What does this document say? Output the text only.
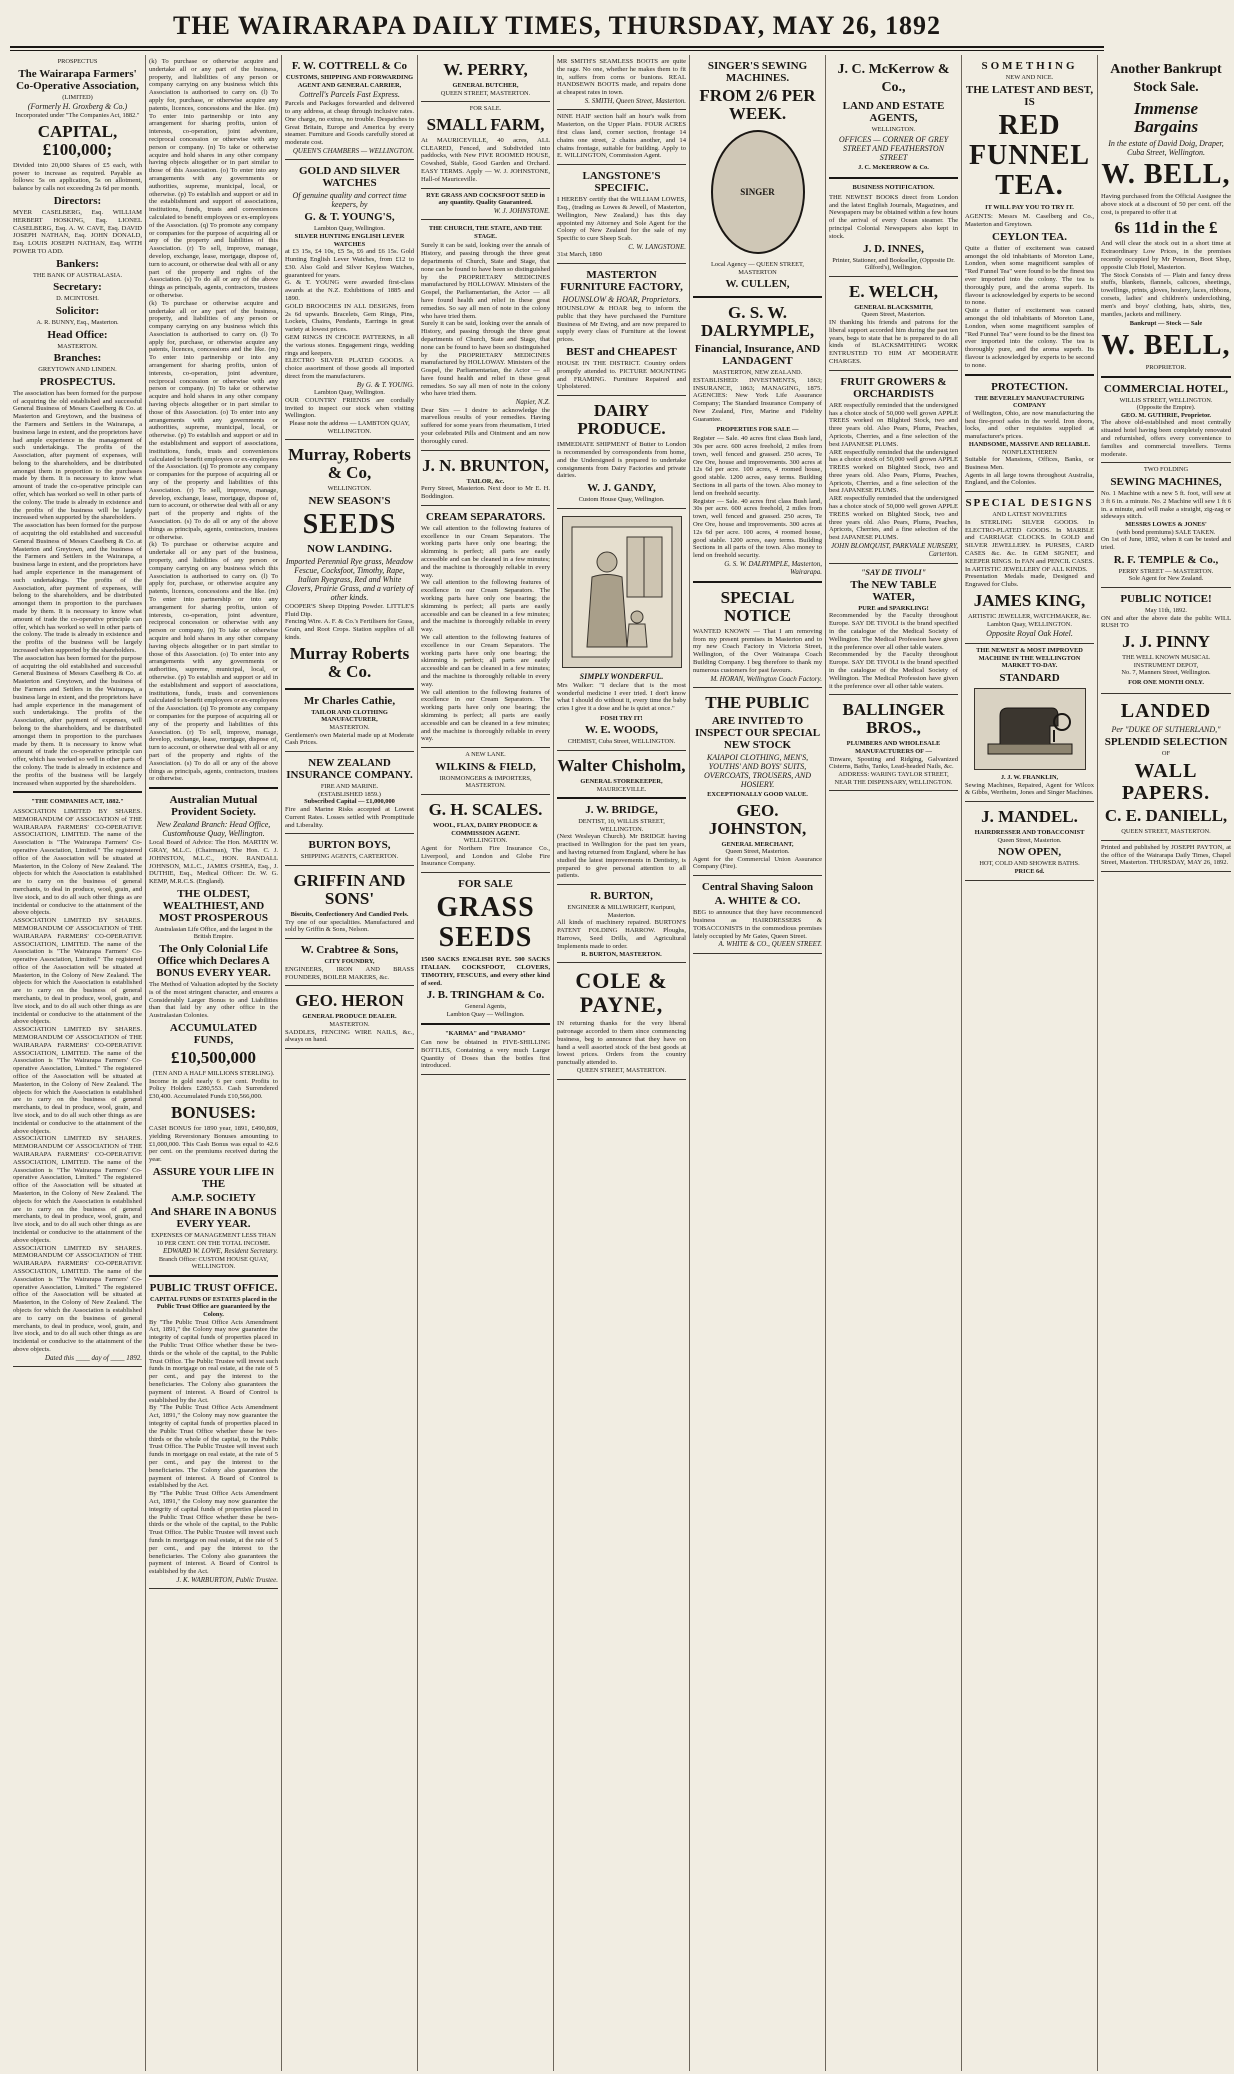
THE WAIRARAPA DAILY TIMES, THURSDAY, MAY 26, 1892
PROSPECTUS
The Wairarapa Farmers' Co-Operative Association,
(LIMITED)
(Formerly H. Groxberg & Co.)
Incorporated under "The Companies Act, 1882."
CAPITAL, £100,000;
Divided into 20,000 Shares of £5 each, with power to increase as required. Payable as follows: 5s on application, 5s on allotment, balance by calls not exceeding 2s 6d per month.
Directors:
MYER CASELBERG, Esq. WILLIAM HERBERT HOSKING, Esq. LIONEL CASELBERG, Esq. A. W. CAVE, Esq. DAVID JOSEPH NATHAN, Esq. JOHN DONALD, Esq. LOUIS JOSEPH NATHAN, Esq. WITH POWER TO ADD.
Bankers:
THE BANK OF AUSTRALASIA.
Secretary:
D. MCINTOSH.
Solicitor:
A. R. BUNNY, Esq., Masterton.
Head Office:
MASTERTON.
Branches:
GREYTOWN AND LINDEN.
PROSPECTUS.
The association has been formed for the purpose of acquiring the old established and successful General Business of Messrs Caselberg & Co. at Masterton and Greytown, and the business of the Farmers and Settlers in the Wairarapa, a business large in extent, and the proprietors have had ample experience in the management of such undertakings. The profits of the Association, after payment of expenses, will belong to the shareholders, and be distributed amongst them in proportion to the purchases made by them. It is necessary to know what amount of trade the co-operative principle can offer, which has worked so well in other parts of the colony. The trade is already in existence and the profits of the business will be largely increased when supported by the shareholders.
The association has been formed for the purpose of acquiring the old established and successful General Business of Messrs Caselberg & Co. at Masterton and Greytown, and the business of the Farmers and Settlers in the Wairarapa, a business large in extent, and the proprietors have had ample experience in the management of such undertakings. The profits of the Association, after payment of expenses, will belong to the shareholders, and be distributed amongst them in proportion to the purchases made by them. It is necessary to know what amount of trade the co-operative principle can offer, which has worked so well in other parts of the colony. The trade is already in existence and the profits of the business will be largely increased when supported by the shareholders.
The association has been formed for the purpose of acquiring the old established and successful General Business of Messrs Caselberg & Co. at Masterton and Greytown, and the business of the Farmers and Settlers in the Wairarapa, a business large in extent, and the proprietors have had ample experience in the management of such undertakings. The profits of the Association, after payment of expenses, will belong to the shareholders, and be distributed amongst them in proportion to the purchases made by them. It is necessary to know what amount of trade the co-operative principle can offer, which has worked so well in other parts of the colony. The trade is already in existence and the profits of the business will be largely increased when supported by the shareholders.
"THE COMPANIES ACT, 1882."
ASSOCIATION LIMITED BY SHARES. MEMORANDUM OF ASSOCIATION of THE WAIRARAPA FARMERS' CO-OPERATIVE ASSOCIATION, LIMITED. The name of the Association is "The Wairarapa Farmers' Co-operative Association, Limited." The registered office of the Association will be situated at Masterton, in the Colony of New Zealand. The objects for which the Association is established are to carry on the business of general merchants, to deal in produce, wool, grain, and live stock, and to do all such other things as are incidental or conducive to the attainment of the above objects.
ASSOCIATION LIMITED BY SHARES. MEMORANDUM OF ASSOCIATION of THE WAIRARAPA FARMERS' CO-OPERATIVE ASSOCIATION, LIMITED. The name of the Association is "The Wairarapa Farmers' Co-operative Association, Limited." The registered office of the Association will be situated at Masterton, in the Colony of New Zealand. The objects for which the Association is established are to carry on the business of general merchants, to deal in produce, wool, grain, and live stock, and to do all such other things as are incidental or conducive to the attainment of the above objects.
ASSOCIATION LIMITED BY SHARES. MEMORANDUM OF ASSOCIATION of THE WAIRARAPA FARMERS' CO-OPERATIVE ASSOCIATION, LIMITED. The name of the Association is "The Wairarapa Farmers' Co-operative Association, Limited." The registered office of the Association will be situated at Masterton, in the Colony of New Zealand. The objects for which the Association is established are to carry on the business of general merchants, to deal in produce, wool, grain, and live stock, and to do all such other things as are incidental or conducive to the attainment of the above objects.
ASSOCIATION LIMITED BY SHARES. MEMORANDUM OF ASSOCIATION of THE WAIRARAPA FARMERS' CO-OPERATIVE ASSOCIATION, LIMITED. The name of the Association is "The Wairarapa Farmers' Co-operative Association, Limited." The registered office of the Association will be situated at Masterton, in the Colony of New Zealand. The objects for which the Association is established are to carry on the business of general merchants, to deal in produce, wool, grain, and live stock, and to do all such other things as are incidental or conducive to the attainment of the above objects.
ASSOCIATION LIMITED BY SHARES. MEMORANDUM OF ASSOCIATION of THE WAIRARAPA FARMERS' CO-OPERATIVE ASSOCIATION, LIMITED. The name of the Association is "The Wairarapa Farmers' Co-operative Association, Limited." The registered office of the Association will be situated at Masterton, in the Colony of New Zealand. The objects for which the Association is established are to carry on the business of general merchants, to deal in produce, wool, grain, and live stock, and to do all such other things as are incidental or conducive to the attainment of the above objects.
Dated this ____ day of ____ 1892.
(k) To purchase or otherwise acquire and undertake all or any part of the business, property, and liabilities of any person or company carrying on any business which this Association is authorised to carry on. (l) To apply for, purchase, or otherwise acquire any patents, licences, concessions and the like. (m) To enter into partnership or into any arrangement for sharing profits, union of interests, co-operation, joint adventure, reciprocal concession or otherwise with any person or company. (n) To take or otherwise acquire and hold shares in any other company having objects altogether or in part similar to those of this Association. (o) To enter into any arrangements with any governments or authorities, supreme, municipal, local, or otherwise. (p) To establish and support or aid in the establishment and support of associations, institutions, funds, trusts and conveniences calculated to benefit employees or ex-employees of the Association. (q) To promote any company or companies for the purpose of acquiring all or any of the property and liabilities of this Association. (r) To sell, improve, manage, develop, exchange, lease, mortgage, dispose of, turn to account, or otherwise deal with all or any part of the property and rights of the Association. (s) To do all or any of the above things as principals, agents, contractors, trustees or otherwise.
(k) To purchase or otherwise acquire and undertake all or any part of the business, property, and liabilities of any person or company carrying on any business which this Association is authorised to carry on. (l) To apply for, purchase, or otherwise acquire any patents, licences, concessions and the like. (m) To enter into partnership or into any arrangement for sharing profits, union of interests, co-operation, joint adventure, reciprocal concession or otherwise with any person or company. (n) To take or otherwise acquire and hold shares in any other company having objects altogether or in part similar to those of this Association. (o) To enter into any arrangements with any governments or authorities, supreme, municipal, local, or otherwise. (p) To establish and support or aid in the establishment and support of associations, institutions, funds, trusts and conveniences calculated to benefit employees or ex-employees of the Association. (q) To promote any company or companies for the purpose of acquiring all or any of the property and liabilities of this Association. (r) To sell, improve, manage, develop, exchange, lease, mortgage, dispose of, turn to account, or otherwise deal with all or any part of the property and rights of the Association. (s) To do all or any of the above things as principals, agents, contractors, trustees or otherwise.
(k) To purchase or otherwise acquire and undertake all or any part of the business, property, and liabilities of any person or company carrying on any business which this Association is authorised to carry on. (l) To apply for, purchase, or otherwise acquire any patents, licences, concessions and the like. (m) To enter into partnership or into any arrangement for sharing profits, union of interests, co-operation, joint adventure, reciprocal concession or otherwise with any person or company. (n) To take or otherwise acquire and hold shares in any other company having objects altogether or in part similar to those of this Association. (o) To enter into any arrangements with any governments or authorities, supreme, municipal, local, or otherwise. (p) To establish and support or aid in the establishment and support of associations, institutions, funds, trusts and conveniences calculated to benefit employees or ex-employees of the Association. (q) To promote any company or companies for the purpose of acquiring all or any of the property and liabilities of this Association. (r) To sell, improve, manage, develop, exchange, lease, mortgage, dispose of, turn to account, or otherwise deal with all or any part of the property and rights of the Association. (s) To do all or any of the above things as principals, agents, contractors, trustees or otherwise.
Australian Mutual Provident Society.
New Zealand Branch: Head Office, Customhouse Quay, Wellington.
Local Board of Advice: The Hon. MARTIN W. GRAY, M.L.C. (Chairman), The Hon. C. J. JOHNSTON, M.L.C., HON. RANDALL JOHNSON, M.L.C., JAMES O'SHEA, Esq., J. DUTHIE, Esq., Medical Officer: Dr. W. G. KEMP, M.R.C.S. (England).
THE OLDEST, WEALTHIEST, AND MOST PROSPEROUS
Australasian Life Office, and the largest in the British Empire.
The Only Colonial Life Office which Declares A BONUS EVERY YEAR.
The Method of Valuation adopted by the Society is of the most stringent character, and ensures a Considerably Larger Bonus to and Liabilities than that laid by any other office in the Australasian Colonies.
ACCUMULATED FUNDS,
£10,500,000
(TEN AND A HALF MILLIONS STERLING).
Income in gold nearly 6 per cent. Profits to Policy Holders £280,553. Cash Surrendered £30,400. Accumulated Funds £10,566,000.
BONUSES:
CASH BONUS for 1890 year, 1891, £490,809, yielding Reversionary Bonuses amounting to £1,000,000. This Cash Bonus was equal to 42.6 per cent. on the premiums received during the year.
ASSURE YOUR LIFE IN THE
A.M.P. SOCIETY
And SHARE IN A BONUS EVERY YEAR.
EXPENSES OF MANAGEMENT LESS THAN 10 PER CENT. ON THE TOTAL INCOME.
EDWARD W. LOWE, Resident Secretary.
Branch Office: CUSTOM HOUSE QUAY, WELLINGTON.
PUBLIC TRUST OFFICE.
CAPITAL FUNDS OF ESTATES placed in the Public Trust Office are guaranteed by the Colony.
By "The Public Trust Office Acts Amendment Act, 1891," the Colony may now guarantee the integrity of capital funds of properties placed in the Public Trust Office whether these be two-thirds or the whole of the capital, to the Public Trust Office. The Public Trustee will invest such funds in mortgage on real estate, at the rate of 5 per cent., and pay the interest to the beneficiaries. The Colony also guarantees the payment of interest. A Board of Control is established by the Act.
By "The Public Trust Office Acts Amendment Act, 1891," the Colony may now guarantee the integrity of capital funds of properties placed in the Public Trust Office whether these be two-thirds or the whole of the capital, to the Public Trust Office. The Public Trustee will invest such funds in mortgage on real estate, at the rate of 5 per cent., and pay the interest to the beneficiaries. The Colony also guarantees the payment of interest. A Board of Control is established by the Act.
By "The Public Trust Office Acts Amendment Act, 1891," the Colony may now guarantee the integrity of capital funds of properties placed in the Public Trust Office whether these be two-thirds or the whole of the capital, to the Public Trust Office. The Public Trustee will invest such funds in mortgage on real estate, at the rate of 5 per cent., and pay the interest to the beneficiaries. The Colony also guarantees the payment of interest. A Board of Control is established by the Act.
J. K. WARBURTON, Public Trustee.
F. W. COTTRELL & Co
CUSTOMS, SHIPPING AND FORWARDING AGENT AND GENERAL CARRIER,
Cottrell's Parcels Fast Express.
Parcels and Packages forwarded and delivered to any address, at cheap through inclusive rates. One charge, no extras, no trouble. Despatches to Great Britain, Europe and America by every steamer. Furniture and Goods carefully stored at moderate cost.
QUEEN'S CHAMBERS — WELLINGTON.
GOLD AND SILVER WATCHES
Of genuine quality and correct time keepers, by
G. & T. YOUNG'S,
Lambton Quay, Wellington.
SILVER HUNTING ENGLISH LEVER WATCHES
at £3 15s, £4 10s, £5 5s, £6 and £6 15s. Gold Hunting English Lever Watches, from £12 to £30. Also Gold and Silver Keyless Watches, guaranteed for years.
G. & T. YOUNG were awarded first-class awards at the N.Z. Exhibitions of 1885 and 1890.
GOLD BROOCHES IN ALL DESIGNS, from 2s 6d upwards. Bracelets, Gem Rings, Pins, Lockets, Chains, Pendants, Earrings in great variety at lowest prices.
GEM RINGS IN CHOICE PATTERNS, in all the various stones. Engagement rings, wedding rings and keepers.
ELECTRO SILVER PLATED GOODS. A choice assortment of those goods all imported direct from the manufacturers.
By G. & T. YOUNG.
Lambton Quay, Wellington.
OUR COUNTRY FRIENDS are cordially invited to inspect our stock when visiting Wellington.
Please note the address — LAMBTON QUAY, WELLINGTON.
Murray, Roberts & Co,
WELLINGTON.
NEW SEASON'S
SEEDS
NOW LANDING.
Imported Perennial Rye grass, Meadow Fescue, Cocksfoot, Timothy, Rape, Italian Ryegrass, Red and White Clovers, Prairie Grass, and a variety of other kinds.
COOPER'S Sheep Dipping Powder. LITTLE'S Fluid Dip.
Fencing Wire. A. F. & Co.'s Fertilisers for Grass, Grain, and Root Crops. Station supplies of all kinds.
Murray Roberts & Co.
Mr Charles Cathie,
TAILOR AND CLOTHING MANUFACTURER,
MASTERTON.
Gentlemen's own Material made up at Moderate Cash Prices.
NEW ZEALAND INSURANCE COMPANY.
FIRE AND MARINE.
(ESTABLISHED 1859.)
Subscribed Capital — £1,000,000
Fire and Marine Risks accepted at Lowest Current Rates. Losses settled with Promptitude and Liberality.
BURTON BOYS,
SHIPPING AGENTS, CARTERTON.
GRIFFIN AND SONS'
Biscuits, Confectionery And Candied Peels.
Try one of our specialities. Manufactured and sold by Griffin & Sons, Nelson.
W. Crabtree & Sons,
CITY FOUNDRY,
ENGINEERS, IRON AND BRASS FOUNDERS, BOILER MAKERS, &c.
GEO. HERON
GENERAL PRODUCE DEALER.
MASTERTON.
SADDLES, FENCING WIRE NAILS, &c., always on hand.
W. PERRY,
GENERAL BUTCHER,
QUEEN STREET, MASTERTON.
FOR SALE.
SMALL FARM,
At MAURICEVILLE, 40 acres, ALL CLEARED, Fenced, and Subdivided into paddocks, with New FIVE ROOMED HOUSE, Cowshed, Stable, Good Garden and Orchard. EASY TERMS. Apply — W. J. JOHNSTONE, Hall-of Mauriceville.
RYE GRASS AND COCKSFOOT SEED in any quantity. Quality Guaranteed.
W. J. JOHNSTONE.
THE CHURCH, THE STATE, AND THE STAGE.
Surely it can be said, looking over the annals of History, and passing through the three great departments of Church, State and Stage, that none can be found to have been so distinguished by the PROPRIETARY MEDICINES manufactured by HOLLOWAY. Ministers of the Gospel, the Parliamentarian, the Actor — all have found health and relief in these great remedies. So say all men of note in the colony who have tried them.
Surely it can be said, looking over the annals of History, and passing through the three great departments of Church, State and Stage, that none can be found to have been so distinguished by the PROPRIETARY MEDICINES manufactured by HOLLOWAY. Ministers of the Gospel, the Parliamentarian, the Actor — all have found health and relief in these great remedies. So say all men of note in the colony who have tried them.
Napier, N.Z.
Dear Sirs — I desire to acknowledge the marvellous results of your remedies. Having suffered for some years from rheumatism, I tried your celebrated Pills and Ointment and am now thoroughly cured.
J. N. BRUNTON,
TAILOR, &c.
Perry Street, Masterton. Next door to Mr E. H. Boddington.
CREAM SEPARATORS.
We call attention to the following features of excellence in our Cream Separators. The working parts have only one bearing; the skimming is perfect; all parts are easily accessible and can be cleaned in a few minutes; and the machine is thoroughly reliable in every way.
We call attention to the following features of excellence in our Cream Separators. The working parts have only one bearing; the skimming is perfect; all parts are easily accessible and can be cleaned in a few minutes; and the machine is thoroughly reliable in every way.
We call attention to the following features of excellence in our Cream Separators. The working parts have only one bearing; the skimming is perfect; all parts are easily accessible and can be cleaned in a few minutes; and the machine is thoroughly reliable in every way.
We call attention to the following features of excellence in our Cream Separators. The working parts have only one bearing; the skimming is perfect; all parts are easily accessible and can be cleaned in a few minutes; and the machine is thoroughly reliable in every way.
A NEW LANE.
WILKINS & FIELD,
IRONMONGERS & IMPORTERS, MASTERTON.
G. H. SCALES.
WOOL, FLAX, DAIRY PRODUCE & COMMISSION AGENT.
WELLINGTON.
Agent for Northern Fire Insurance Co., Liverpool, and London and Globe Fire Insurance Company.
FOR SALE
GRASS SEEDS
1500 SACKS ENGLISH RYE. 500 SACKS ITALIAN. COCKSFOOT, CLOVERS, TIMOTHY, FESCUES, and every other kind of seed.
J. B. TRINGHAM & Co.
General Agents,
Lambton Quay — Wellington.
"KARMA" and "PARAMO"
Can now be obtained in FIVE-SHILLING BOTTLES, Containing a very much Larger Quantity of Doses than the bottles first introduced.
MR SMITH'S SEAMLESS BOOTS are quite the rage. No one, whether he makes them to fit in, suffers from corns or bunions. REAL HANDSEWN BOOTS made, and repairs done at cheapest rates in town.
S. SMITH, Queen Street, Masterton.
NINE HAIF section half an hour's walk from Masterton, on the Upper Plain. FOUR ACRES first class land, corner section, frontage 14 chains one street, 2 chains another, and 14 chains frontage, suitable for building. Apply to E. WILLINGTON, Commission Agent.
LANGSTONE'S SPECIFIC.
I HEREBY certify that the WILLIAM LOWES, Esq., (trading as Lowes & Jewell, of Masterton, Wellington, New Zealand,) has this day appointed my Attorney and Sole Agent for the Colony of New Zealand for the sale of my Specific to cure Sheep Scab.
C. W. LANGSTONE.
31st March, 1890
MASTERTON FURNITURE FACTORY,
HOUNSLOW & HOAR, Proprietors.
HOUNSLOW & HOAR beg to inform the public that they have purchased the Furniture Business of Mr Ewing, and are now prepared to supply every class of Furniture at the lowest prices.
BEST and CHEAPEST
HOUSE IN THE DISTRICT. Country orders promptly attended to. PICTURE MOUNTING and FRAMING. Furniture Repaired and Upholstered.
DAIRY PRODUCE.
IMMEDIATE SHIPMENT of Butter to London is recommended by correspondents from home, and the Undersigned is prepared to undertake consignments from Dairy Factories and private dairies.
W. J. GANDY,
Custom House Quay, Wellington.
SIMPLY WONDERFUL.
Mrs Walker: "I declare that is the most wonderful medicine I ever tried. I don't know what I should do without it, every time the baby cries I give it a dose and he is quiet at once."
FOSH TRY IT!
W. E. WOODS,
CHEMIST, Cuba Street, WELLINGTON.
Walter Chisholm,
GENERAL STOREKEEPER,
MAURICEVILLE.
J. W. BRIDGE,
DENTIST, 10, WILLIS STREET, WELLINGTON.
(Next Wesleyan Church). Mr BRIDGE having practised in Wellington for the past ten years, and having returned from England, where he has studied the latest improvements in Dentistry, is prepared to give personal attention to all patients.
R. BURTON,
ENGINEER & MILLWRIGHT, Kuripuni, Masterton.
All kinds of machinery repaired. BURTON'S PATENT FOLDING HARROW. Ploughs, Harrows, Seed Drills, and Agricultural Implements made to order.
R. BURTON, MASTERTON.
COLE & PAYNE,
IN returning thanks for the very liberal patronage accorded to them since commencing business, beg to announce that they have on hand a well assorted stock of the best goods at lowest prices. Orders from the country punctually attended to.
QUEEN STREET, MASTERTON.
SINGER'S SEWING MACHINES.
FROM 2/6 PER WEEK.
SINGER
Local Agency — QUEEN STREET, MASTERTON
W. CULLEN,
G. S. W. DALRYMPLE,
Financial, Insurance, AND LANDAGENT
MASTERTON, NEW ZEALAND.
ESTABLISHED: INVESTMENTS, 1863; INSURANCE, 1863; MANAGING, 1875. AGENCIES: New York Life Assurance Company; The Standard Insurance Company of New Zealand, Fire, Marine and Fidelity Guarantee.
PROPERTIES FOR SALE —
Register — Sale. 40 acres first class Bush land, 30s per acre. 600 acres freehold, 2 miles from town, well fenced and grassed. 250 acres, Te Ore Ore, house and improvements. 300 acres at 12s 6d per acre. 100 acres, 4 roomed house, good stable. 1200 acres, easy terms. Building Sections in all parts of the town. Also money to lend on freehold security.
Register — Sale. 40 acres first class Bush land, 30s per acre. 600 acres freehold, 2 miles from town, well fenced and grassed. 250 acres, Te Ore Ore, house and improvements. 300 acres at 12s 6d per acre. 100 acres, 4 roomed house, good stable. 1200 acres, easy terms. Building Sections in all parts of the town. Also money to lend on freehold security.
G. S. W. DALRYMPLE, Masterton, Wairarapa.
SPECIAL NOTICE
WANTED KNOWN — That I am removing from my present premises in Masterton and to my new Coach Factory in Victoria Street, Wellington, of the Over Wairarapa Coach Building Company. I beg therefore to thank my numerous customers for past favours.
M. HORAN, Wellington Coach Factory.
THE PUBLIC
ARE INVITED TO INSPECT OUR SPECIAL NEW STOCK
KAIAPOI CLOTHING, MEN'S, YOUTHS' AND BOYS' SUITS, OVERCOATS, TROUSERS, AND HOSIERY.
EXCEPTIONALLY GOOD VALUE.
GEO. JOHNSTON,
GENERAL MERCHANT,
Queen Street, Masterton.
Agent for the Commercial Union Assurance Company (Fire).
Central Shaving Saloon
A. WHITE & CO.
BEG to announce that they have recommenced business as HAIRDRESSERS & TOBACCONISTS in the commodious premises lately occupied by Mr Gates, Queen Street.
A. WHITE & CO., QUEEN STREET.
J. C. McKerrow & Co.,
LAND AND ESTATE AGENTS,
WELLINGTON.
OFFICES — CORNER OF GREY STREET AND FEATHERSTON STREET
J. C. McKERROW & Co.
BUSINESS NOTIFICATION.
THE NEWEST BOOKS direct from London and the latest English Journals, Magazines, and Newspapers may be obtained within a few hours of the arrival of every Ocean steamer. The principal Colonial Newspapers also kept in stock.
J. D. INNES,
Printer, Stationer, and Bookseller, (Opposite Dr. Gilford's), Wellington.
E. WELCH,
GENERAL BLACKSMITH,
Queen Street, Masterton.
IN thanking his friends and patrons for the liberal support accorded him during the past ten years, begs to state that he is prepared to do all kinds of BLACKSMITHING WORK ENTRUSTED TO HIM AT MODERATE CHARGES.
FRUIT GROWERS & ORCHARDISTS
ARE respectfully reminded that the undersigned has a choice stock of 50,000 well grown APPLE TREES worked on Blighted Stock, two and three years old. Also Pears, Plums, Peaches, Apricots, Cherries, and a fine selection of the best JAPANESE PLUMS.
ARE respectfully reminded that the undersigned has a choice stock of 50,000 well grown APPLE TREES worked on Blighted Stock, two and three years old. Also Pears, Plums, Peaches, Apricots, Cherries, and a fine selection of the best JAPANESE PLUMS.
ARE respectfully reminded that the undersigned has a choice stock of 50,000 well grown APPLE TREES worked on Blighted Stock, two and three years old. Also Pears, Plums, Peaches, Apricots, Cherries, and a fine selection of the best JAPANESE PLUMS.
JOHN BLOMQUIST, PARKVALE NURSERY, Carterton.
"SAY DE TIVOLI"
The NEW TABLE WATER,
PURE and SPARKLING!
Recommended by the Faculty throughout Europe. SAY DE TIVOLI is the brand specified in the catalogue of the Medical Society of Wellington. The Medical Profession have given it the preference over all other table waters.
Recommended by the Faculty throughout Europe. SAY DE TIVOLI is the brand specified in the catalogue of the Medical Society of Wellington. The Medical Profession have given it the preference over all other table waters.
BALLINGER BROS.,
PLUMBERS AND WHOLESALE MANUFACTURERS OF —
Tinware, Spouting and Ridging, Galvanized Cisterns, Baths, Tanks, Lead-headed Nails, &c.
ADDRESS: WARING TAYLOR STREET, NEAR THE DISPENSARY, WELLINGTON.
SOMETHING
NEW AND NICE.
THE LATEST AND BEST, IS
RED FUNNEL TEA.
IT WILL PAY YOU TO TRY IT.
AGENTS: Messrs M. Caselberg and Co., Masterton and Greytown.
CEYLON TEA.
Quite a flutter of excitement was caused amongst the old inhabitants of Moreton Lane, London, when some magnificent samples of "Red Funnel Tea" were found to be the finest tea ever imported into the colony. The tea is thoroughly pure, and the aroma superb. Its flavour is acknowledged by experts to be second to none.
Quite a flutter of excitement was caused amongst the old inhabitants of Moreton Lane, London, when some magnificent samples of "Red Funnel Tea" were found to be the finest tea ever imported into the colony. The tea is thoroughly pure, and the aroma superb. Its flavour is acknowledged by experts to be second to none.
PROTECTION.
THE BEVERLEY MANUFACTURING COMPANY
of Wellington, Ohio, are now manufacturing the best fire-proof safes in the world. Iron doors, locks, and other requisites supplied at manufacturer's prices.
HANDSOME, MASSIVE AND RELIABLE.
NONFLEXTHEREN
Suitable for Mansions, Offices, Banks, or Business Men.
Agents in all large towns throughout Australia, England, and the Colonies.
SPECIAL DESIGNS
AND LATEST NOVELTIES
In STERLING SILVER GOODS. In ELECTRO-PLATED GOODS. In MARBLE and CARRIAGE CLOCKS. In GOLD and SILVER JEWELLERY. In PURSES, CARD CASES &c. &c. In GEM SIGNET, and KEEPER RINGS. In FAN and PENCIL CASES. In ARTISTIC JEWELLERY OF ALL KINDS.
Presentation Medals made, Designed and Engraved for Clubs.
JAMES KING,
ARTISTIC JEWELLER, WATCHMAKER, &c.
Lambton Quay, WELLINGTON.
Opposite Royal Oak Hotel.
THE NEWEST & MOST IMPROVED MACHINE IN THE WELLINGTON MARKET TO-DAY.
STANDARD
J. J. W. FRANKLIN,
Sewing Machines, Repaired, Agent for Wilcox & Gibbs, Wertheim, Jones and Singer Machines.
J. MANDEL.
HAIRDRESSER AND TOBACCONIST
Queen Street, Masterton.
NOW OPEN,
HOT, COLD AND SHOWER BATHS.
PRICE 6d.
Another Bankrupt Stock Sale.
Immense Bargains
In the estate of David Doig, Draper, Cuba Street, Wellington.
W. BELL,
Having purchased from the Official Assignee the above stock at a discount of 50 per cent. off the cost, is prepared to offer it at
6s 11d in the £
And will clear the stock out in a short time at Extraordinary Low Prices, in the premises recently occupied by Mr Peterson, Boot Shop, opposite Club Hotel, Masterton.
The Stock Consists of — Plain and fancy dress stuffs, blankets, flannels, calicoes, sheetings, towellings, prints, gloves, hosiery, laces, ribbons, corsets, ladies' and children's underclothing, men's and boys' clothing, hats, shirts, ties, mantles, jackets and millinery.
Bankrupt — Stock — Sale
W. BELL,
PROPRIETOR.
COMMERCIAL HOTEL,
WILLIS STREET, WELLINGTON.
(Opposite the Empire).
GEO. M. GUTHRIE, Proprietor.
The above old-established and most centrally situated hotel having been completely renovated and refurnished, offers every convenience to families and commercial travellers. Terms moderate.
TWO FOLDING
SEWING MACHINES,
No. 1 Machine with a new 5 ft. foot, will sew at 3 ft 6 in. a minute. No. 2 Machine will sew 1 ft 6 in. a minute, and will make a straight, zig-zag or sideways stitch.
MESSRS LOWES & JONES'
(with bond premiums) SALE TAKEN.
On 1st of June, 1892, when it can be tested and tried.
R. F. TEMPLE & Co.,
PERRY STREET — MASTERTON.
Sole Agent for New Zealand.
PUBLIC NOTICE!
May 11th, 1892.
ON and after the above date the public WILL RUSH TO
J. J. PINNY
THE WELL KNOWN MUSICAL INSTRUMENT DEPOT,
No. 7, Manners Street, Wellington.
FOR ONE MONTH ONLY.
LANDED
Per "DUKE OF SUTHERLAND,"
SPLENDID SELECTION
OF
WALL PAPERS.
C. E. DANIELL,
QUEEN STREET, MASTERTON.
Printed and published by JOSEPH PAYTON, at the office of the Wairarapa Daily Times, Chapel Street, Masterton. THURSDAY, MAY 26, 1892.
